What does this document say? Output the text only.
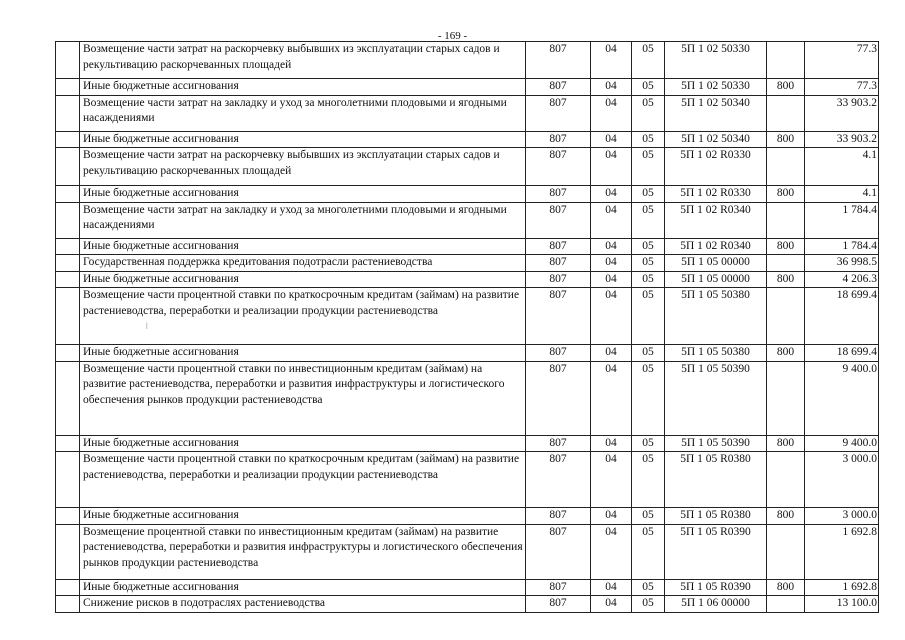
- 169 -
	Возмещение части затрат на раскорчевку выбывших из эксплуатации старых садов и рекультивацию раскорчеванных площадей	807	04	05	5П 1 02 50330		77.3
	Иные бюджетные ассигнования	807	04	05	5П 1 02 50330	800	77.3
	Возмещение части затрат на закладку и уход за многолетними плодовыми и ягодными насаждениями	807	04	05	5П 1 02 50340		33 903.2
	Иные бюджетные ассигнования	807	04	05	5П 1 02 50340	800	33 903.2
	Возмещение части затрат на раскорчевку выбывших из эксплуатации старых садов и рекультивацию раскорчеванных площадей	807	04	05	5П 1 02 R0330		4.1
	Иные бюджетные ассигнования	807	04	05	5П 1 02 R0330	800	4.1
	Возмещение части затрат на закладку и уход за многолетними плодовыми и ягодными насаждениями	807	04	05	5П 1 02 R0340		1 784.4
	Иные бюджетные ассигнования	807	04	05	5П 1 02 R0340	800	1 784.4
	Государственная поддержка кредитования подотрасли растениеводства	807	04	05	5П 1 05 00000		36 998.5
	Иные бюджетные ассигнования	807	04	05	5П 1 05 00000	800	4 206.3
	Возмещение части процентной ставки по краткосрочным кредитам (займам) на развитие растениеводства, переработки и реализации продукции растениеводства	807	04	05	5П 1 05 50380		18 699.4
	Иные бюджетные ассигнования	807	04	05	5П 1 05 50380	800	18 699.4
	Возмещение части процентной ставки по инвестиционным кредитам (займам) на развитие растениеводства, переработки и развития инфраструктуры и логистического обеспечения рынков продукции растениеводства	807	04	05	5П 1 05 50390		9 400.0
	Иные бюджетные ассигнования	807	04	05	5П 1 05 50390	800	9 400.0
	Возмещение части процентной ставки по краткосрочным кредитам (займам) на развитие растениеводства, переработки и реализации продукции растениеводства	807	04	05	5П 1 05 R0380		3 000.0
	Иные бюджетные ассигнования	807	04	05	5П 1 05 R0380	800	3 000.0
	Возмещение процентной ставки по инвестиционным кредитам (займам) на развитие растениеводства, переработки и развития инфраструктуры и логистического обеспечения рынков продукции растениеводства	807	04	05	5П 1 05 R0390		1 692.8
	Иные бюджетные ассигнования	807	04	05	5П 1 05 R0390	800	1 692.8
	Снижение рисков в подотраслях растениеводства	807	04	05	5П 1 06 00000		13 100.0
ǀ
